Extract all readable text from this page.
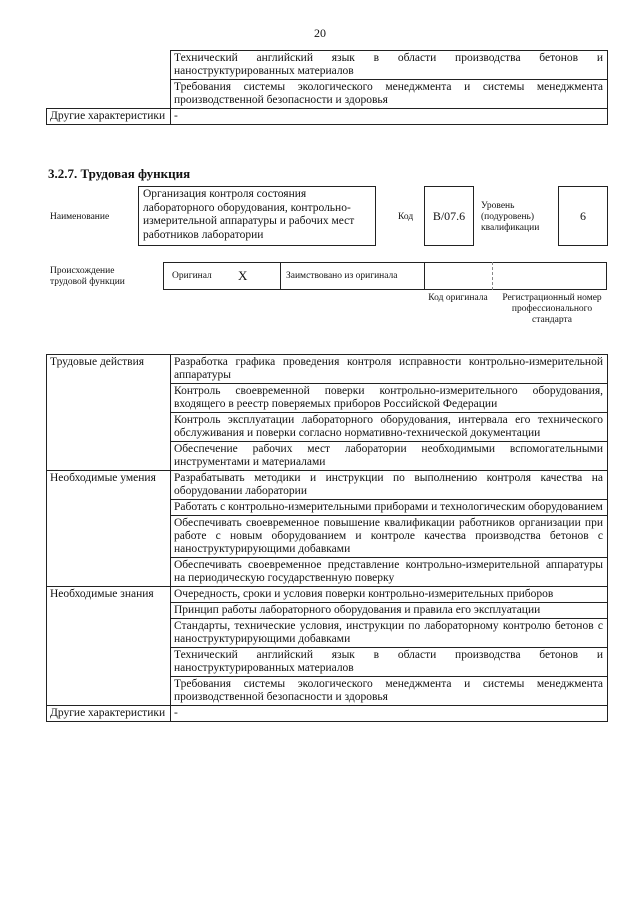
20
	Технический английский язык в области производства бетонов и наноструктурированных материалов
	Требования системы экологического менеджмента и системы менеджмента производственной безопасности и здоровья
Другие характеристики	-
3.2.7. Трудовая функция
Наименование
Организация контроля состояния лабораторного оборудования, контрольно-измерительной аппаратуры и рабочих мест работников лаборатории
Код	B/07.6
Уровень (подуровень) квалификации
6
Происхождение трудовой функции
Оригинал X	Заимствовано из оригинала
Код оригинала	Регистрационный номер профессионального стандарта
Трудовые действия	Разработка графика проведения контроля исправности контрольно-измерительной аппаратуры
	Контроль своевременной поверки контрольно-измерительного оборудования, входящего в реестр поверяемых приборов Российской Федерации
	Контроль эксплуатации лабораторного оборудования, интервала его технического обслуживания и поверки согласно нормативно-технической документации
	Обеспечение рабочих мест лаборатории необходимыми вспомогательными инструментами и материалами
Необходимые умения	Разрабатывать методики и инструкции по выполнению контроля качества на оборудовании лаборатории
	Работать с контрольно-измерительными приборами и технологическим оборудованием
	Обеспечивать своевременное повышение квалификации работников организации при работе с новым оборудованием и контроле качества производства бетонов с наноструктурирующими добавками
	Обеспечивать своевременное представление контрольно-измерительной аппаратуры на периодическую государственную поверку
Необходимые знания	Очередность, сроки и условия поверки контрольно-измерительных приборов
	Принцип работы лабораторного оборудования и правила его эксплуатации
	Стандарты, технические условия, инструкции по лабораторному контролю бетонов с наноструктурирующими добавками
	Технический английский язык в области производства бетонов и наноструктурированных материалов
	Требования системы экологического менеджмента и системы менеджмента производственной безопасности и здоровья
Другие характеристики	-
